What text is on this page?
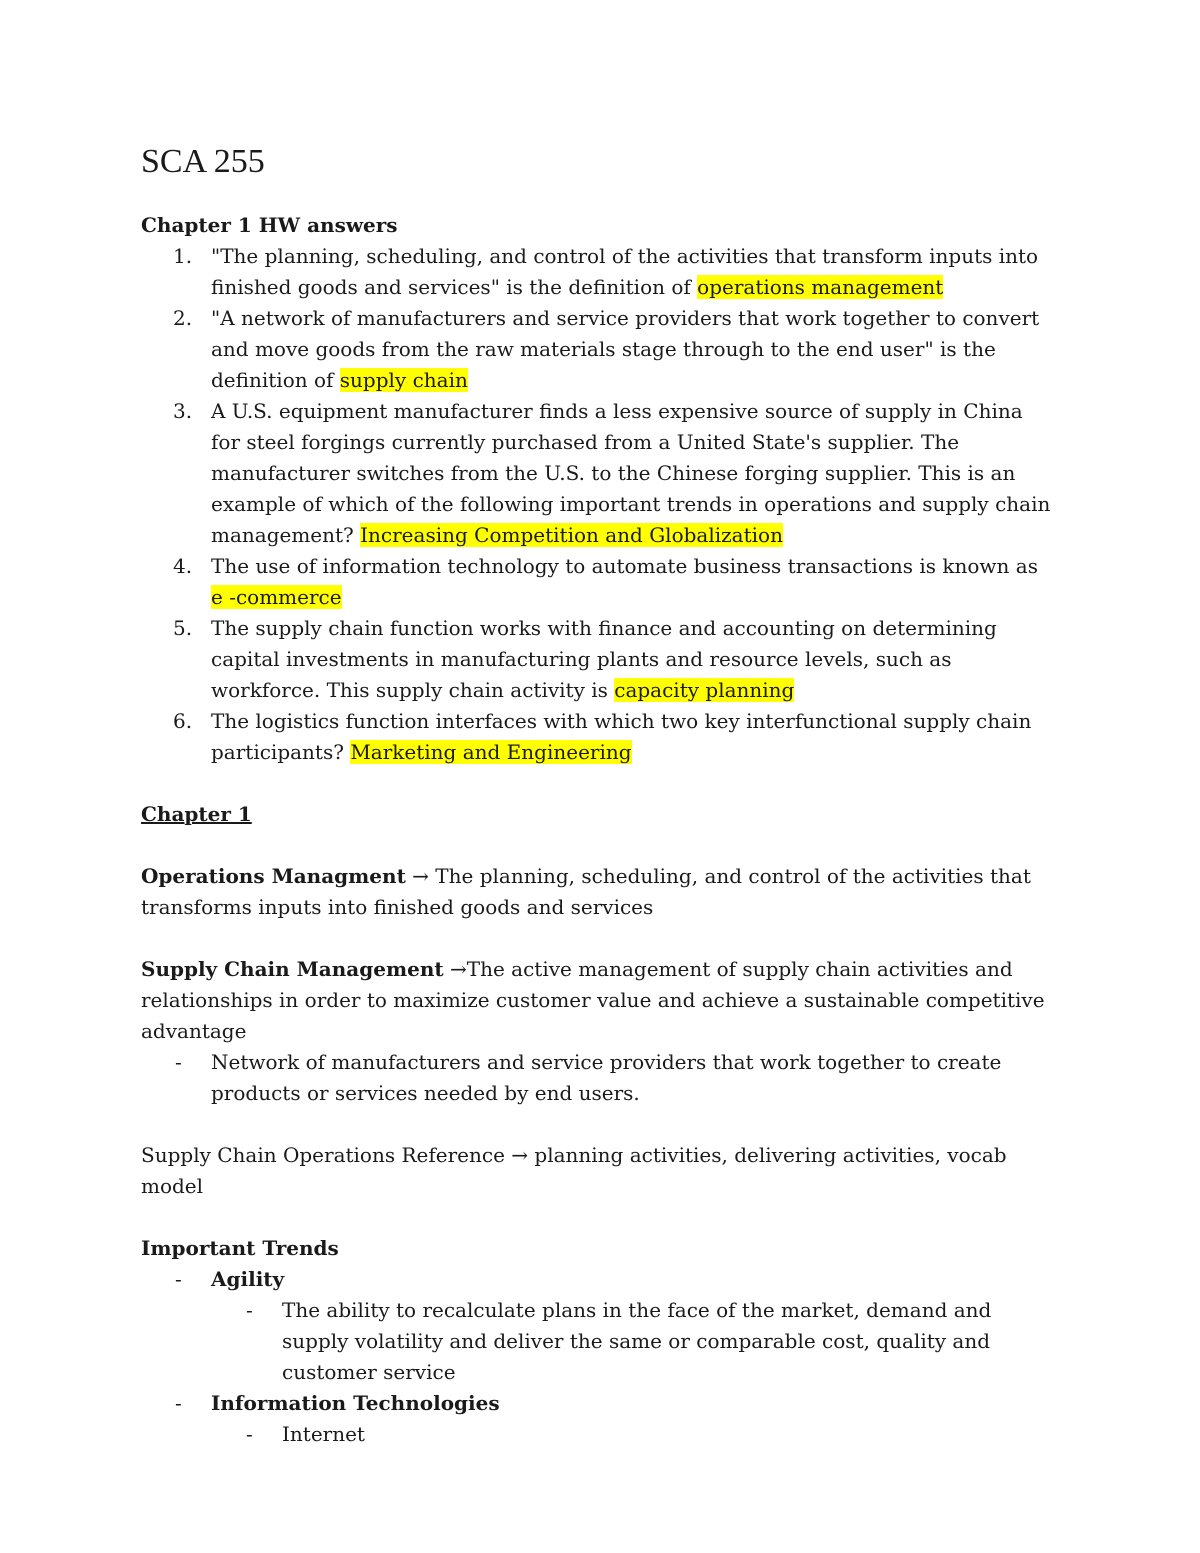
SCA 255
Chapter 1 HW answers
1. "The planning, scheduling, and control of the activities that transform inputs into finished goods and services" is the definition of operations management
2. "A network of manufacturers and service providers that work together to convert and move goods from the raw materials stage through to the end user" is the definition of supply chain
3. A U.S. equipment manufacturer finds a less expensive source of supply in China for steel forgings currently purchased from a United State's supplier. The manufacturer switches from the U.S. to the Chinese forging supplier. This is an example of which of the following important trends in operations and supply chain management? Increasing Competition and Globalization
4. The use of information technology to automate business transactions is known as e -commerce
5. The supply chain function works with finance and accounting on determining capital investments in manufacturing plants and resource levels, such as workforce. This supply chain activity is capacity planning
6. The logistics function interfaces with which two key interfunctional supply chain participants? Marketing and Engineering
Chapter 1
Operations Managment → The planning, scheduling, and control of the activities that transforms inputs into finished goods and services
Supply Chain Management →The active management of supply chain activities and relationships in order to maximize customer value and achieve a sustainable competitive advantage
-	Network of manufacturers and service providers that work together to create products or services needed by end users.
Supply Chain Operations Reference → planning activities, delivering activities, vocab model
Important Trends
-	Agility
-	The ability to recalculate plans in the face of the market, demand and supply volatility and deliver the same or comparable cost, quality and customer service
-	Information Technologies
-	Internet
